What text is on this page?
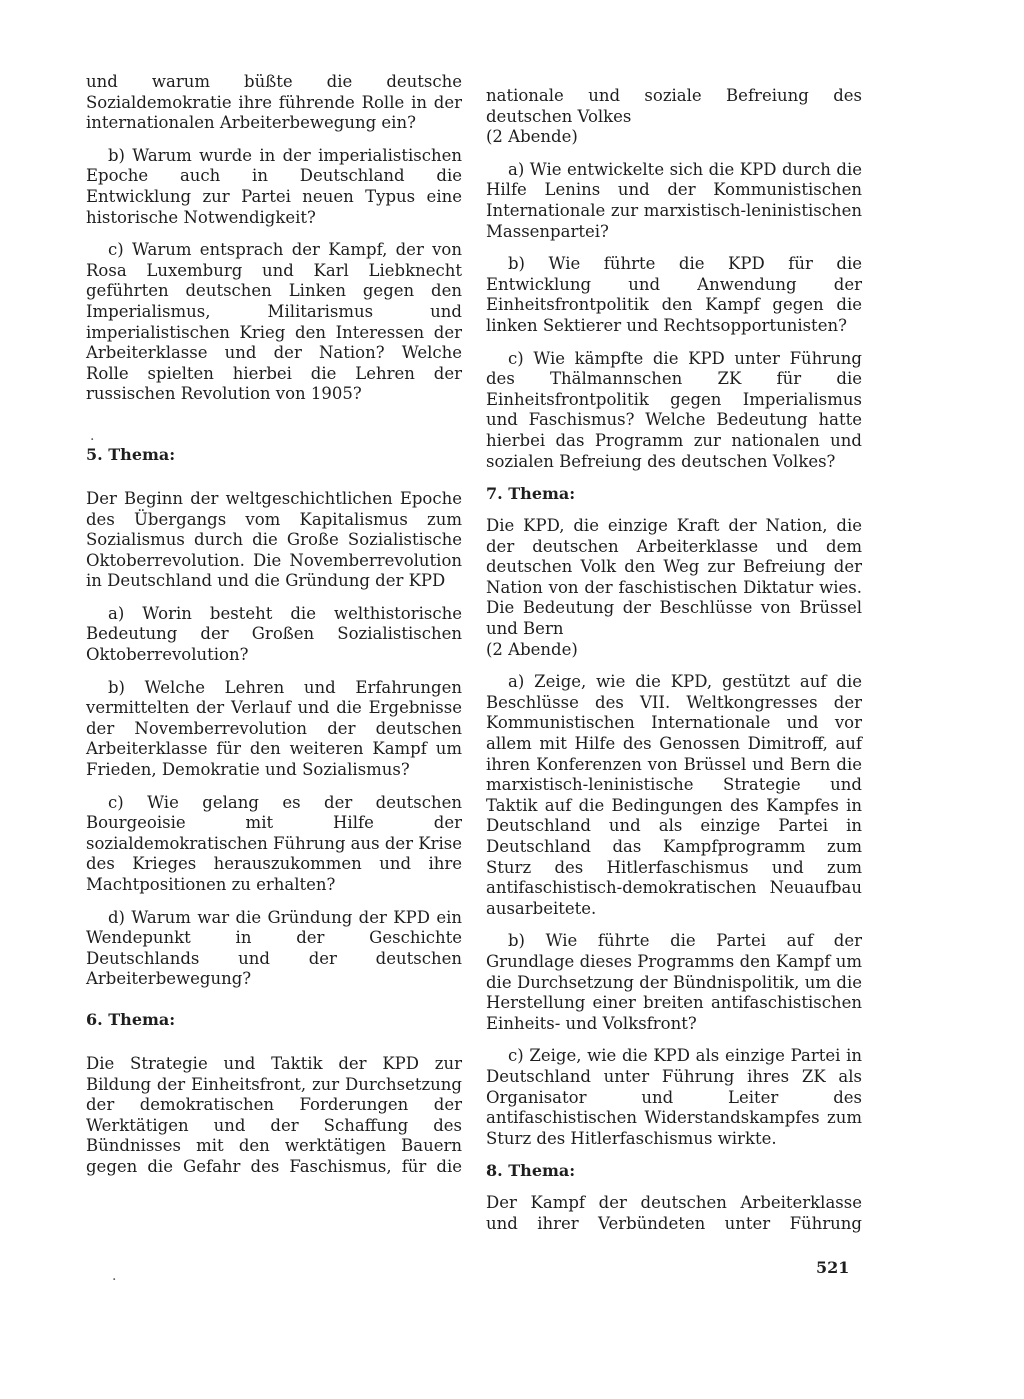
und warum büßte die deutsche Sozialdemokratie ihre führende Rolle in der internationalen Arbeiterbewegung ein?

b) Warum wurde in der imperialistischen Epoche auch in Deutschland die Entwicklung zur Partei neuen Typus eine historische Notwendigkeit?

c) Warum entsprach der Kampf, der von Rosa Luxemburg und Karl Liebknecht geführten deutschen Linken gegen den Imperialismus, Militarismus und imperialistischen Krieg den Interessen der Arbeiterklasse und der Nation? Welche Rolle spielten hierbei die Lehren der russischen Revolution von 1905?

5. Thema:

Der Beginn der weltgeschichtlichen Epoche des Übergangs vom Kapitalismus zum Sozialismus durch die Große Sozialistische Oktoberrevolution. Die Novemberrevolution in Deutschland und die Gründung der KPD

a) Worin besteht die welthistorische Bedeutung der Großen Sozialistischen Oktoberrevolution?

b) Welche Lehren und Erfahrungen vermittelten der Verlauf und die Ergebnisse der Novemberrevolution der deutschen Arbeiterklasse für den weiteren Kampf um Frieden, Demokratie und Sozialismus?

c) Wie gelang es der deutschen Bourgeoisie mit Hilfe der sozialdemokratischen Führung aus der Krise des Krieges herauszukommen und ihre Machtpositionen zu erhalten?

d) Warum war die Gründung der KPD ein Wendepunkt in der Geschichte Deutschlands und der deutschen Arbeiterbewegung?

6. Thema:

Die Strategie und Taktik der KPD zur Bildung der Einheitsfront, zur Durchsetzung der demokratischen Forderungen der Werktätigen und der Schaffung des Bündnisses mit den werktätigen Bauern gegen die Gefahr des Faschismus, für die

nationale und soziale Befreiung des deutschen Volkes

(2 Abende)

a) Wie entwickelte sich die KPD durch die Hilfe Lenins und der Kommunistischen Internationale zur marxistisch-leninistischen Massenpartei?

b) Wie führte die KPD für die Entwicklung und Anwendung der Einheitsfrontpolitik den Kampf gegen die linken Sektierer und Rechtsopportunisten?

c) Wie kämpfte die KPD unter Führung des Thälmannschen ZK für die Einheitsfrontpolitik gegen Imperialismus und Faschismus? Welche Bedeutung hatte hierbei das Programm zur nationalen und sozialen Befreiung des deutschen Volkes?

7. Thema:

Die KPD, die einzige Kraft der Nation, die der deutschen Arbeiterklasse und dem deutschen Volk den Weg zur Befreiung der Nation von der faschistischen Diktatur wies. Die Bedeutung der Beschlüsse von Brüssel und Bern

(2 Abende)

a) Zeige, wie die KPD, gestützt auf die Beschlüsse des VII. Weltkongresses der Kommunistischen Internationale und vor allem mit Hilfe des Genossen Dimitroff, auf ihren Konferenzen von Brüssel und Bern die marxistisch-leninistische Strategie und Taktik auf die Bedingungen des Kampfes in Deutschland und als einzige Partei in Deutschland das Kampfprogramm zum Sturz des Hitlerfaschismus und zum antifaschistisch-demokratischen Neuaufbau ausarbeitete.

b) Wie führte die Partei auf der Grundlage dieses Programms den Kampf um die Durchsetzung der Bündnispolitik, um die Herstellung einer breiten antifaschistischen Einheits- und Volksfront?

c) Zeige, wie die KPD als einzige Partei in Deutschland unter Führung ihres ZK als Organisator und Leiter des antifaschistischen Widerstandskampfes zum Sturz des Hitlerfaschismus wirkte.

8. Thema:

Der Kampf der deutschen Arbeiterklasse und ihrer Verbündeten unter Führung

521
·
·
